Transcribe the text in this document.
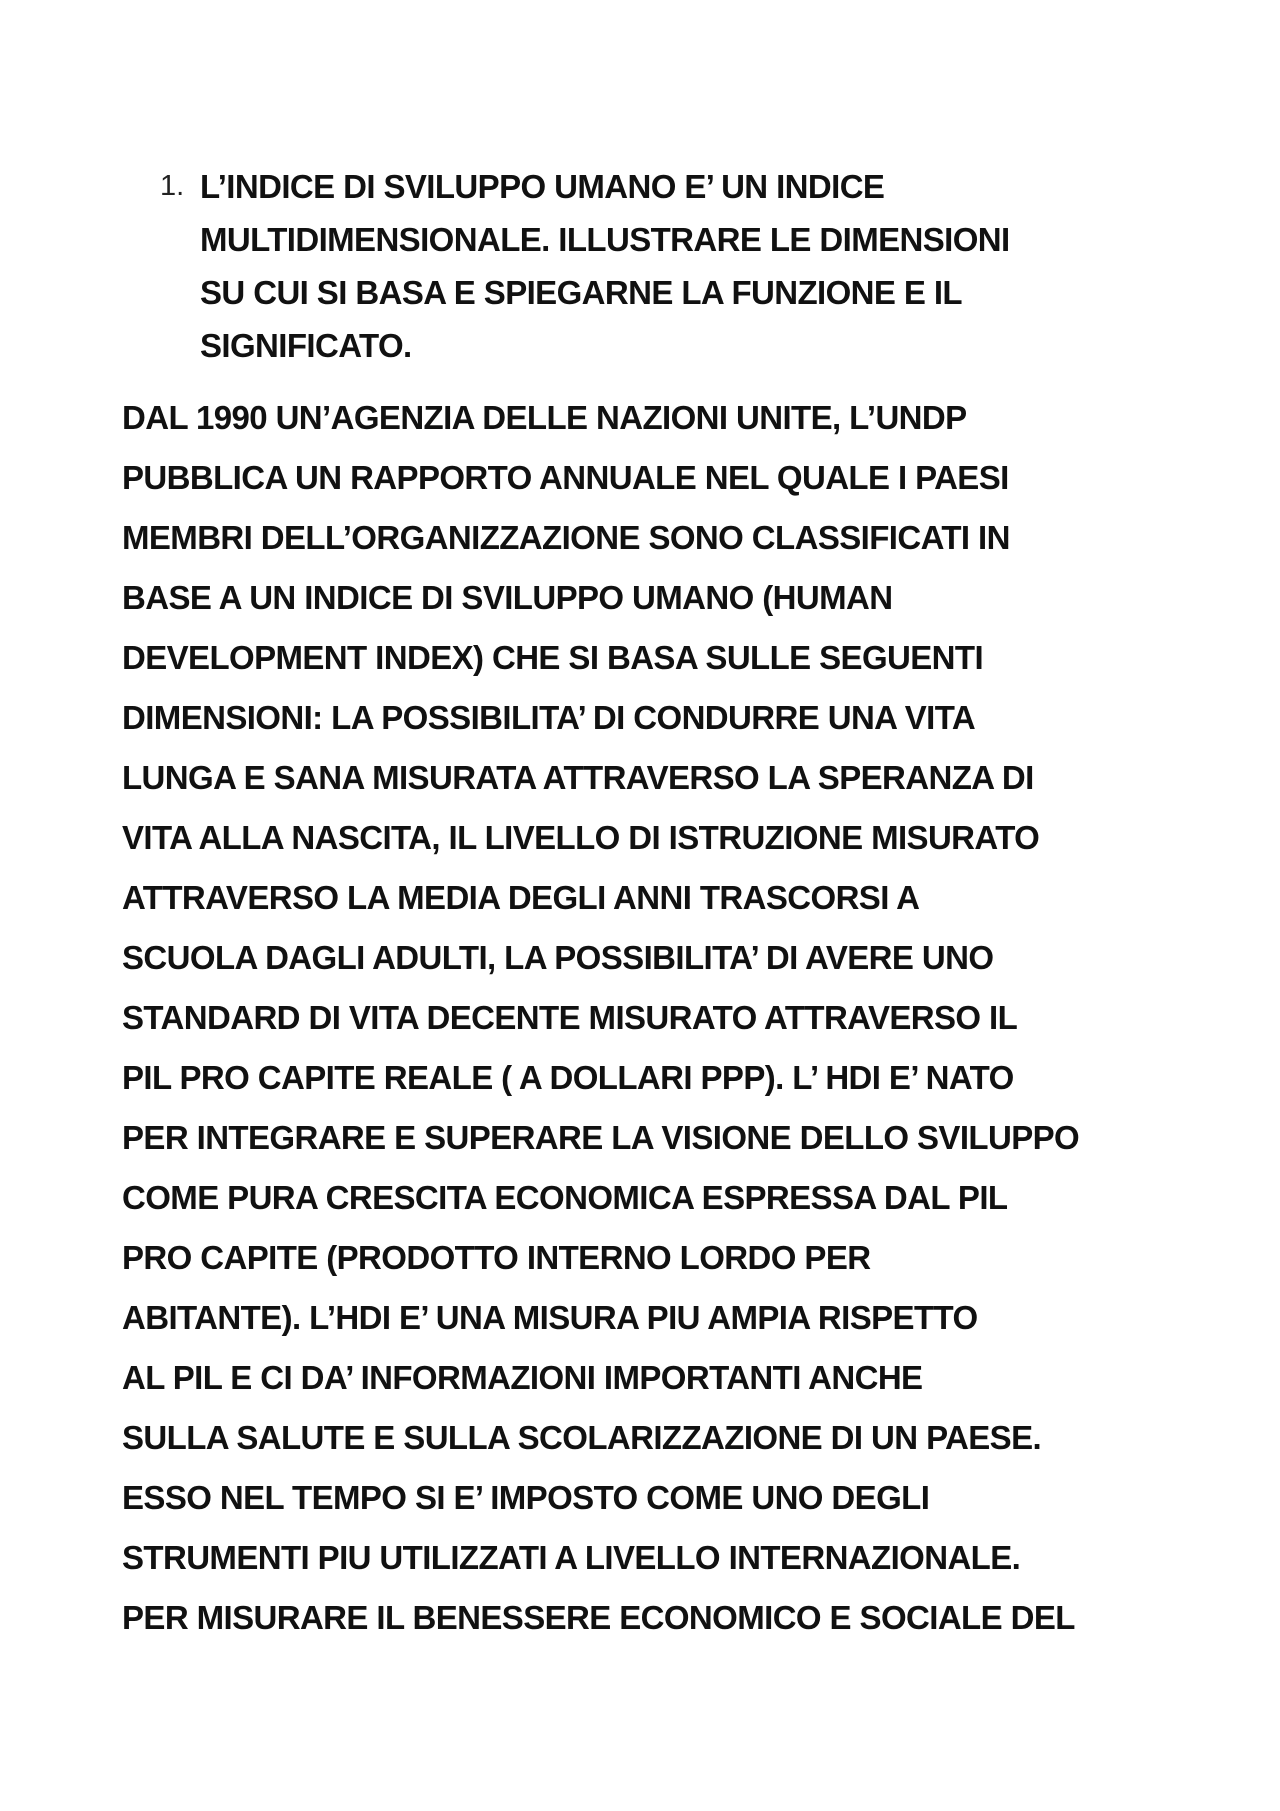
1. L’INDICE DI SVILUPPO UMANO E’ UN INDICE
MULTIDIMENSIONALE. ILLUSTRARE LE DIMENSIONI
SU CUI SI BASA E SPIEGARNE LA FUNZIONE E IL
SIGNIFICATO.
DAL 1990 UN’AGENZIA DELLE NAZIONI UNITE, L’UNDP
PUBBLICA UN RAPPORTO ANNUALE NEL QUALE I PAESI
MEMBRI DELL’ORGANIZZAZIONE SONO CLASSIFICATI IN
BASE A UN INDICE DI SVILUPPO UMANO (HUMAN
DEVELOPMENT INDEX) CHE SI BASA SULLE SEGUENTI
DIMENSIONI: LA POSSIBILITA’ DI CONDURRE UNA VITA
LUNGA E SANA MISURATA ATTRAVERSO LA SPERANZA DI
VITA ALLA NASCITA, IL LIVELLO DI ISTRUZIONE MISURATO
ATTRAVERSO LA MEDIA DEGLI ANNI TRASCORSI A
SCUOLA DAGLI ADULTI, LA POSSIBILITA’ DI AVERE UNO
STANDARD DI VITA DECENTE MISURATO ATTRAVERSO IL
PIL PRO CAPITE REALE ( A DOLLARI PPP). L’ HDI E’ NATO
PER INTEGRARE E SUPERARE LA VISIONE DELLO SVILUPPO
COME PURA CRESCITA ECONOMICA ESPRESSA DAL PIL
PRO CAPITE (PRODOTTO INTERNO LORDO PER
ABITANTE). L’HDI E’ UNA MISURA PIU AMPIA RISPETTO
AL PIL E CI DA’ INFORMAZIONI IMPORTANTI ANCHE
SULLA SALUTE E SULLA SCOLARIZZAZIONE DI UN PAESE.
ESSO NEL TEMPO SI E’ IMPOSTO COME UNO DEGLI
STRUMENTI PIU UTILIZZATI A LIVELLO INTERNAZIONALE.
PER MISURARE IL BENESSERE ECONOMICO E SOCIALE DEL
